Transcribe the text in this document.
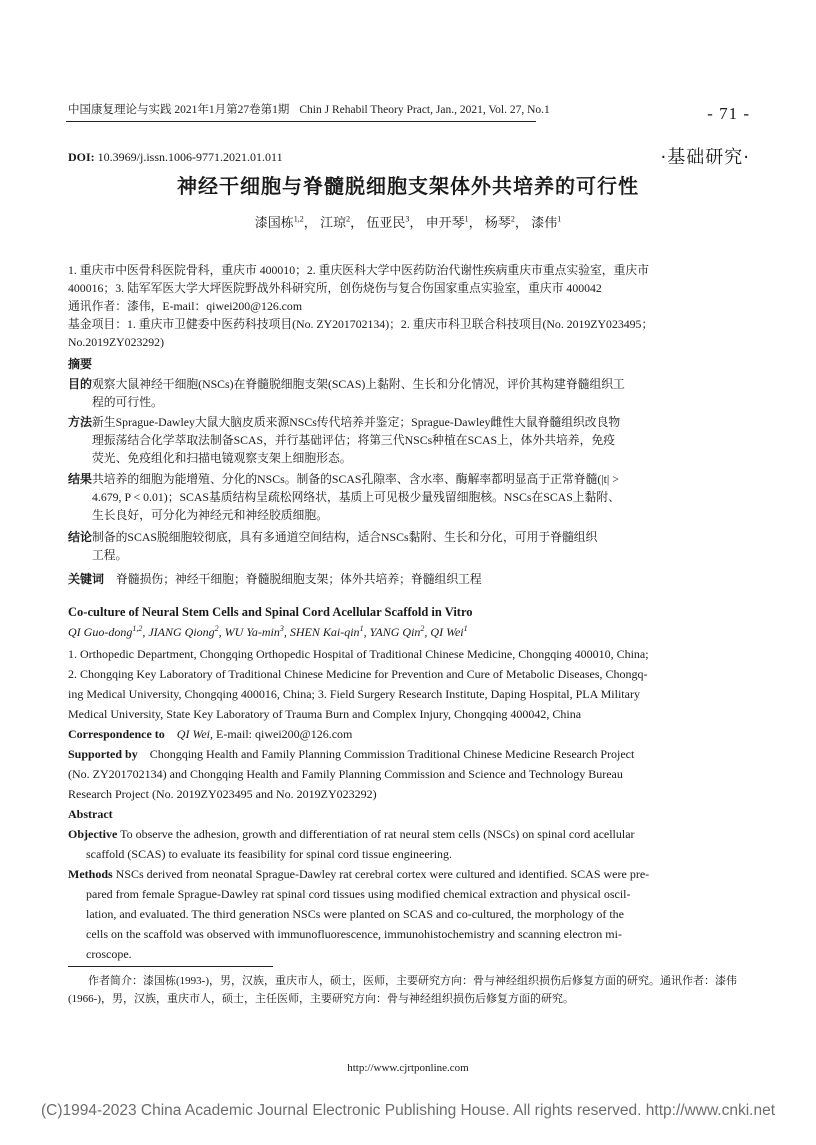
中国康复理论与实践 2021年1月第27卷第1期 Chin J Rehabil Theory Pract, Jan., 2021, Vol. 27, No.1	- 71 -
DOI: 10.3969/j.issn.1006-9771.2021.01.011	·基础研究·
神经干细胞与脊髓脱细胞支架体外共培养的可行性
漆国栋$^{1,2}$， 江琼$^2$， 伍亚民$^3$， 申开琴$^1$， 杨琴$^2$， 漆伟$^1$
1. 重庆市中医骨科医院骨科，重庆市 400010；2. 重庆医科大学中医药防治代谢性疾病重庆市重点实验室，重庆市
400016；3. 陆军军医大学大坪医院野战外科研究所，创伤烧伤与复合伤国家重点实验室，重庆市 400042
通讯作者：漆伟，E-mail：qiwei200@126.com
基金项目：1. 重庆市卫健委中医药科技项目(No. ZY201702134)；2. 重庆市科卫联合科技项目(No. 2019ZY023495；
No.2019ZY023292)
摘要
目的 观察大鼠神经干细胞(NSCs)在脊髓脱细胞支架(SCAS)上黏附、生长和分化情况，评价其构建脊髓组织工
程的可行性。
方法 新生Sprague-Dawley大鼠大脑皮质来源NSCs传代培养并鉴定；Sprague-Dawley雌性大鼠脊髓组织改良物
理振荡结合化学萃取法制备SCAS，并行基础评估；将第三代NSCs种植在SCAS上，体外共培养，免疫
荧光、免疫组化和扫描电镜观察支架上细胞形态。
结果 共培养的细胞为能增殖、分化的NSCs。制备的SCAS孔隙率、含水率、酶解率都明显高于正常脊髓(|t| >
4.679, P < 0.01)；SCAS基质结构呈疏松网络状，基质上可见极少量残留细胞核。NSCs在SCAS上黏附、
生长良好，可分化为神经元和神经胶质细胞。
结论 制备的SCAS脱细胞较彻底，具有多通道空间结构，适合NSCs黏附、生长和分化，可用于脊髓组织
工程。
关键词 脊髓损伤；神经干细胞；脊髓脱细胞支架；体外共培养；脊髓组织工程
Co-culture of Neural Stem Cells and Spinal Cord Acellular Scaffold in Vitro
QI Guo-dong$^{1,2}$, JIANG Qiong$^2$, WU $Ya-\min^3$, SHEN Kai-qin$^1$, YANG Qin$^2$, QI Wei$^1$
1. Orthopedic Department, Chongqing Orthopedic Hospital of Traditional Chinese Medicine, Chongqing 400010, China;
2. Chongqing Key Laboratory of Traditional Chinese Medicine for Prevention and Cure of Metabolic Diseases, Chongq-
ing Medical University, Chongqing 400016, China; 3. Field Surgery Research Institute, Daping Hospital, PLA Military
Medical University, State Key Laboratory of Trauma Burn and Complex Injury, Chongqing 400042, China
Correspondence to QI Wei, E-mail: qiwei200@126.com
Supported by Chongqing Health and Family Planning Commission Traditional Chinese Medicine Research Project
(No. ZY201702134) and Chongqing Health and Family Planning Commission and Science and Technology Bureau
Research Project (No. 2019ZY023495 and No. 2019ZY023292)
Abstract
Objective To observe the adhesion, growth and differentiation of rat neural stem cells (NSCs) on spinal cord acellular
scaffold (SCAS) to evaluate its feasibility for spinal cord tissue engineering.
Methods NSCs derived from neonatal Sprague-Dawley rat cerebral cortex were cultured and identified. SCAS were pre-
pared from female Sprague-Dawley rat spinal cord tissues using modified chemical extraction and physical oscil-
lation, and evaluated. The third generation NSCs were planted on SCAS and co-cultured, the morphology of the
cells on the scaffold was observed with immunofluorescence, immunohistochemistry and scanning electron mi-
croscope.
作者简介：漆国栋(1993-)，男，汉族，重庆市人，硕士，医师，主要研究方向：骨与神经组织损伤后修复方面的研究。通讯作者：漆伟
(1966-)，男，汉族，重庆市人，硕士，主任医师，主要研究方向：骨与神经组织损伤后修复方面的研究。
http://www.cjrtponline.com
(C)1994-2023 China Academic Journal Electronic Publishing House. All rights reserved. http://www.cnki.net
